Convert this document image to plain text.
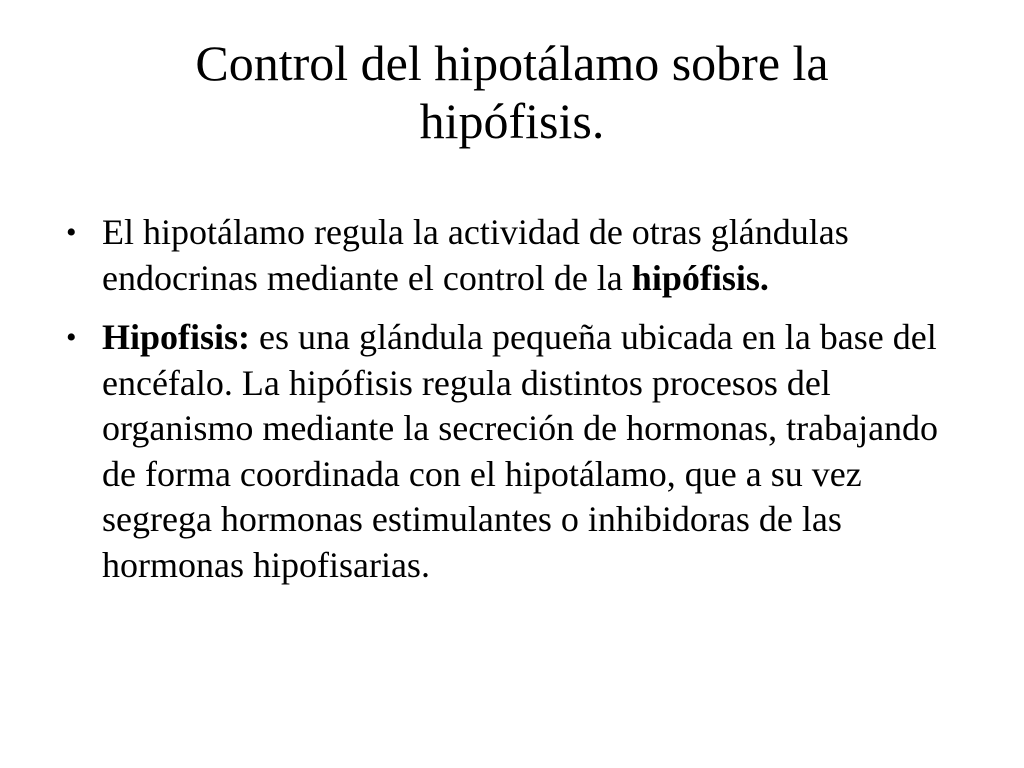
Control del hipotálamo sobre la
hipófisis.
• El hipotálamo regula la actividad de otras glándulas endocrinas mediante el control de la hipófisis.
• Hipofisis: es una glándula pequeña ubicada en la base del encéfalo. La hipófisis regula distintos procesos del organismo mediante la secreción de hormonas, trabajando de forma coordinada con el hipotálamo, que a su vez segrega hormonas estimulantes o inhibidoras de las hormonas hipofisarias.
